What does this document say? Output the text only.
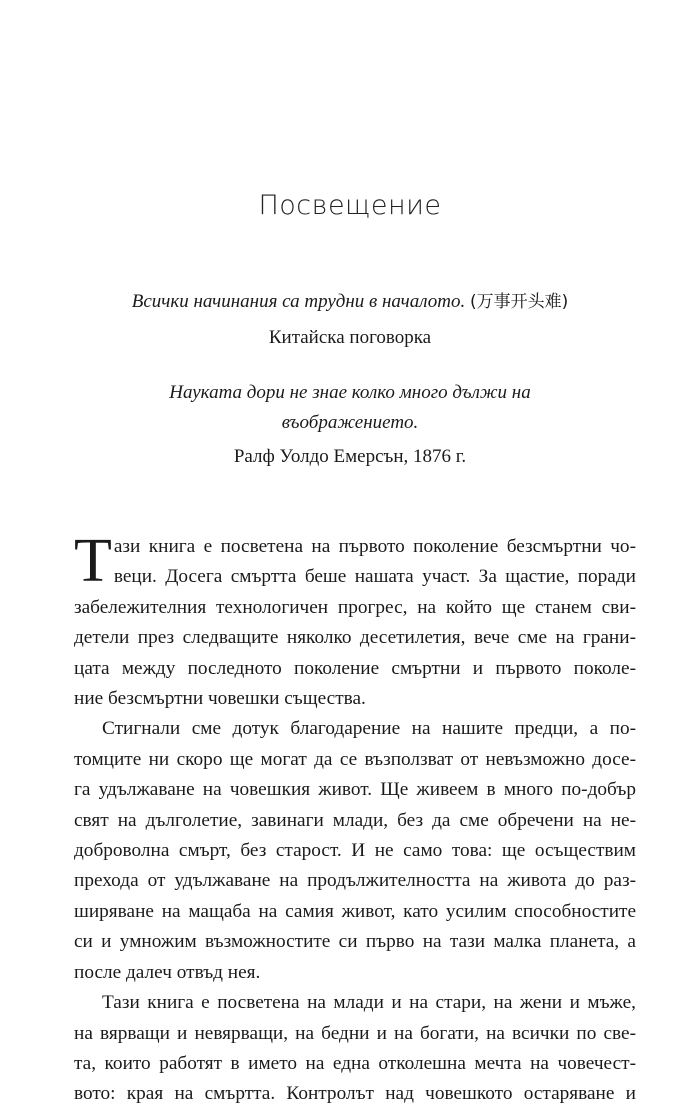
Посвещение
Всички начинания са трудни в началото. (万事开头难)
Китайска поговорка
Науката дори не знае колко много дължи на
въображението.
Ралф Уолдо Емерсън, 1876 г.

Т ази книга е посветена на първото поколение безсмъртни чо-
веци. Досега смъртта беше нашата участ. За щастие, поради
забележителния технологичен прогрес, на който ще станем сви-
детели през следващите няколко десетилетия, вече сме на грани-
цата между последното поколение смъртни и първото поколе-
ние безсмъртни човешки същества.

Стигнали сме дотук благодарение на нашите предци, а по-
томците ни скоро ще могат да се възползват от невъзможно досе-
га удължаване на човешкия живот. Ще живеем в много по-добър
свят на дълголетие, завинаги млади, без да сме обречени на не-
доброволна смърт, без старост. И не само това: ще осъществим
прехода от удължаване на продължителността на живота до раз-
ширяване на мащаба на самия живот, като усилим способностите
си и умножим възможностите си първо на тази малка планета, а
после далеч отвъд нея.

Тази книга е посветена на млади и на стари, на жени и мъже,
на вярващи и невярващи, на бедни и на богати, на всички по све-
та, които работят в името на една отколешна мечта на човечест-
вото: края на смъртта. Контролът над човешкото остаряване и
